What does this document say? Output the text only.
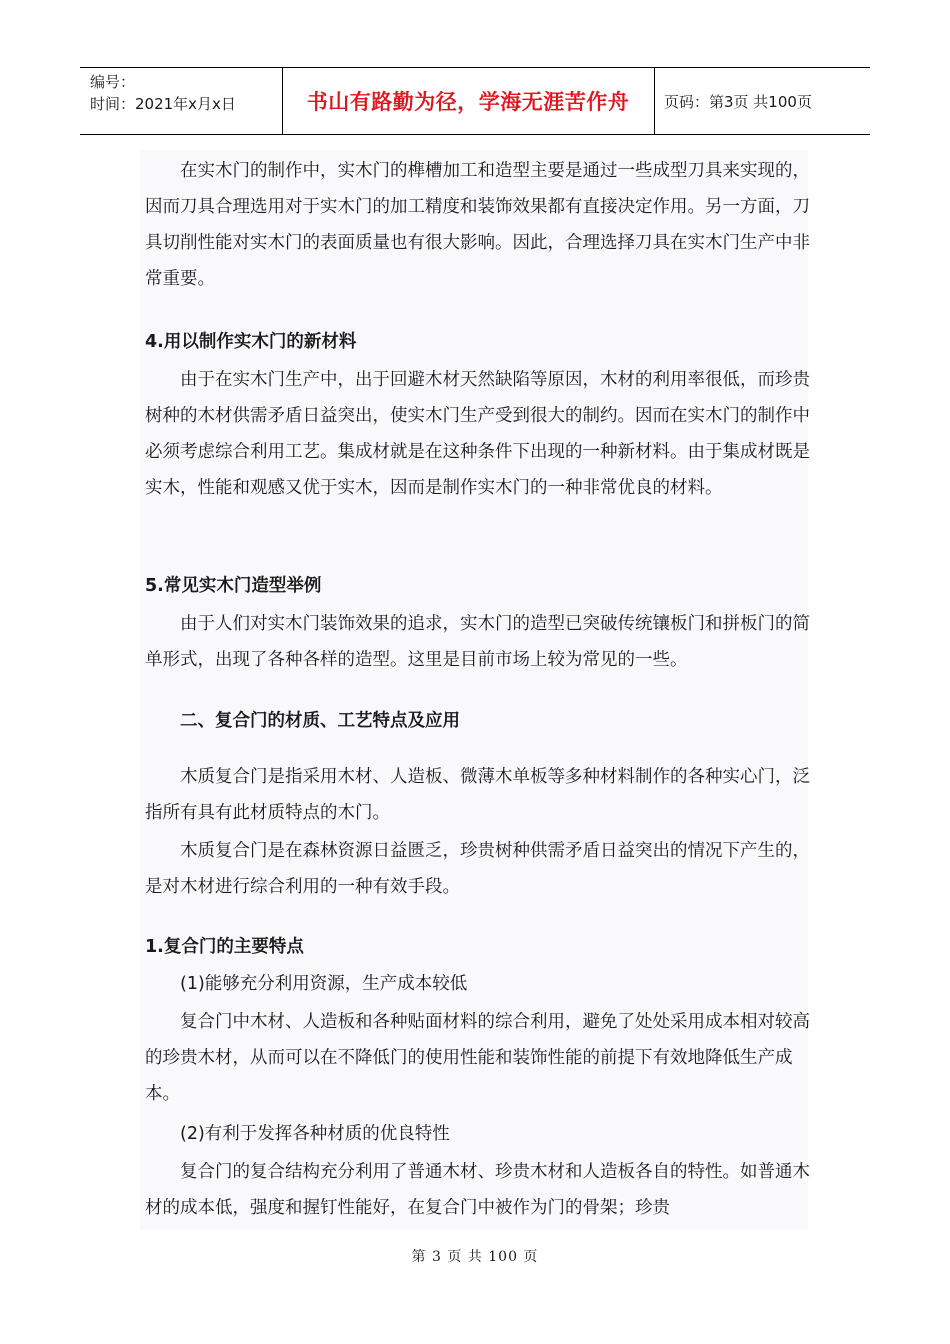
编号：
时间：2021年x月x日	书山有路勤为径，学海无涯苦作舟	页码：第3页 共100页
在实木门的制作中，实木门的榫槽加工和造型主要是通过一些成型刀具来实现的，因而刀具合理选用对于实木门的加工精度和装饰效果都有直接决定作用。另一方面，刀具切削性能对实木门的表面质量也有很大影响。因此，合理选择刀具在实木门生产中非常重要。
4.用以制作实木门的新材料
由于在实木门生产中，出于回避木材天然缺陷等原因，木材的利用率很低，而珍贵树种的木材供需矛盾日益突出，使实木门生产受到很大的制约。因而在实木门的制作中必须考虑综合利用工艺。集成材就是在这种条件下出现的一种新材料。由于集成材既是实木，性能和观感又优于实木，因而是制作实木门的一种非常优良的材料。
5.常见实木门造型举例
由于人们对实木门装饰效果的追求，实木门的造型已突破传统镶板门和拼板门的简单形式，出现了各种各样的造型。这里是目前市场上较为常见的一些。
二、复合门的材质、工艺特点及应用
木质复合门是指采用木材、人造板、微薄木单板等多种材料制作的各种实心门，泛指所有具有此材质特点的木门。
木质复合门是在森林资源日益匮乏，珍贵树种供需矛盾日益突出的情况下产生的，是对木材进行综合利用的一种有效手段。
1.复合门的主要特点
(1)能够充分利用资源，生产成本较低
复合门中木材、人造板和各种贴面材料的综合利用，避免了处处采用成本相对较高的珍贵木材，从而可以在不降低门的使用性能和装饰性能的前提下有效地降低生产成本。
(2)有利于发挥各种材质的优良特性
复合门的复合结构充分利用了普通木材、珍贵木材和人造板各自的特性。如普通木材的成本低，强度和握钉性能好，在复合门中被作为门的骨架；珍贵
第 3 页 共 100 页
